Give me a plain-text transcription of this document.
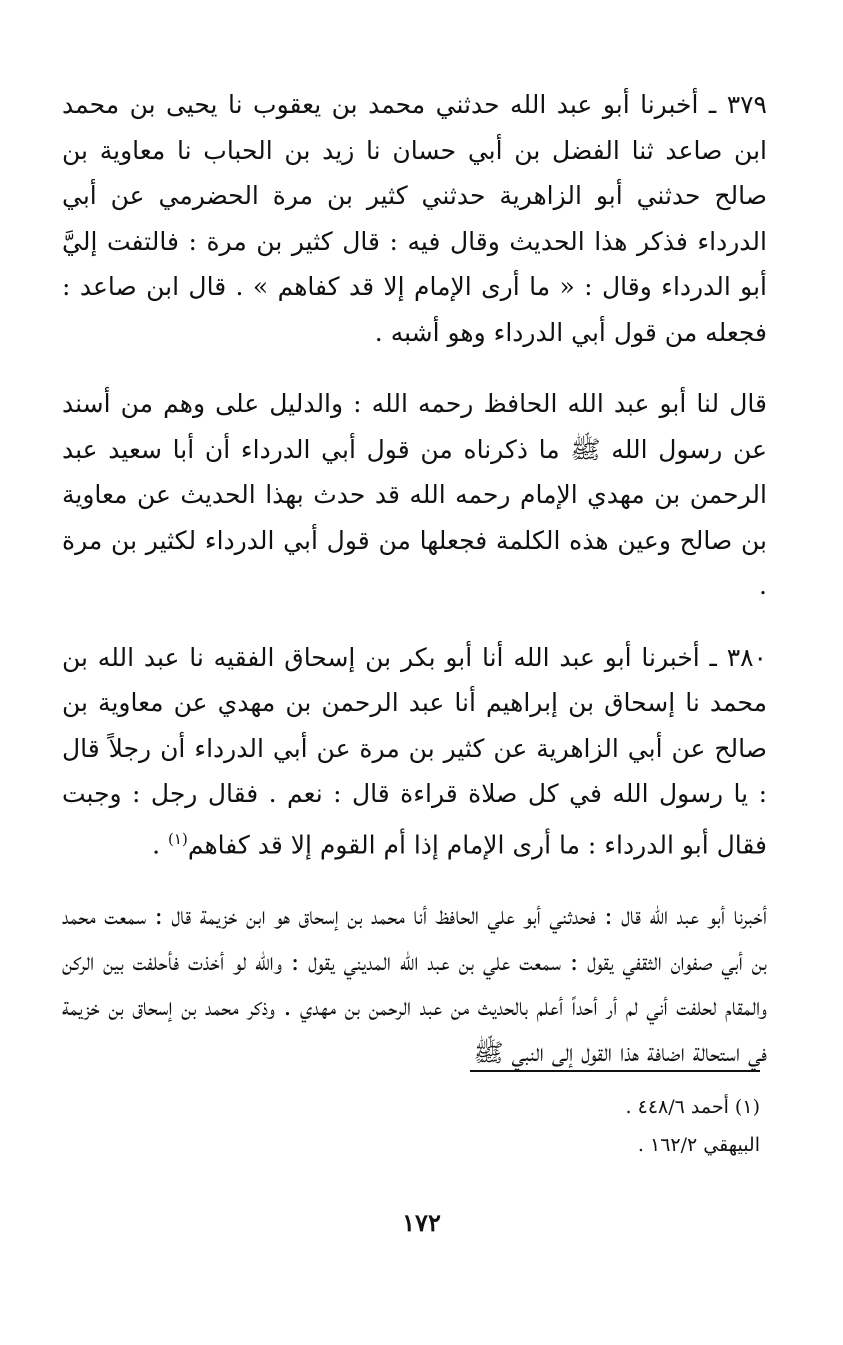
٣٧٩ ـ أخبرنا أبو عبد الله حدثني محمد بن يعقوب نا يحيى بن محمد ابن صاعد ثنا الفضل بن أبي حسان نا زيد بن الحباب نا معاوية بن صالح حدثني أبو الزاهرية حدثني كثير بن مرة الحضرمي عن أبي الدرداء فذكر هذا الحديث وقال فيه : قال كثير بن مرة : فالتفت إليَّ أبو الدرداء وقال : « ما أرى الإمام إلا قد كفاهم » . قال ابن صاعد : فجعله من قول أبي الدرداء وهو أشبه .

قال لنا أبو عبد الله الحافظ رحمه الله : والدليل على وهم من أسند عن رسول الله ﷺ ما ذكرناه من قول أبي الدرداء أن أبا سعيد عبد الرحمن بن مهدي الإمام رحمه الله قد حدث بهذا الحديث عن معاوية بن صالح وعين هذه الكلمة فجعلها من قول أبي الدرداء لكثير بن مرة .

٣٨٠ ـ أخبرنا أبو عبد الله أنا أبو بكر بن إسحاق الفقيه نا عبد الله بن محمد نا إسحاق بن إبراهيم أنا عبد الرحمن بن مهدي عن معاوية بن صالح عن أبي الزاهرية عن كثير بن مرة عن أبي الدرداء أن رجلاً قال : يا رسول الله في كل صلاة قراءة قال : نعم . فقال رجل : وجبت فقال أبو الدرداء : ما أرى الإمام إذا أم القوم إلا قد كفاهم$^{(١)}$ .

أخبرنا أبو عبد الله قال : فحدثني أبو علي الحافظ أنا محمد بن إسحاق هو ابن خزيمة قال : سمعت محمد بن أبي صفوان الثقفي يقول : سمعت علي بن عبد الله المديني يقول : والله لو أخذت فأحلفت بين الركن والمقام لحلفت أني لم أر أحداً أعلم بالحديث من عبد الرحمن بن مهدي . وذكر محمد بن إسحاق بن خزيمة في استحالة اضافة هذا القول إلى النبي ﷺ

(١) أحمد ٤٤٨/٦ .
البيهقي ١٦٢/٢ .
١٧٢
